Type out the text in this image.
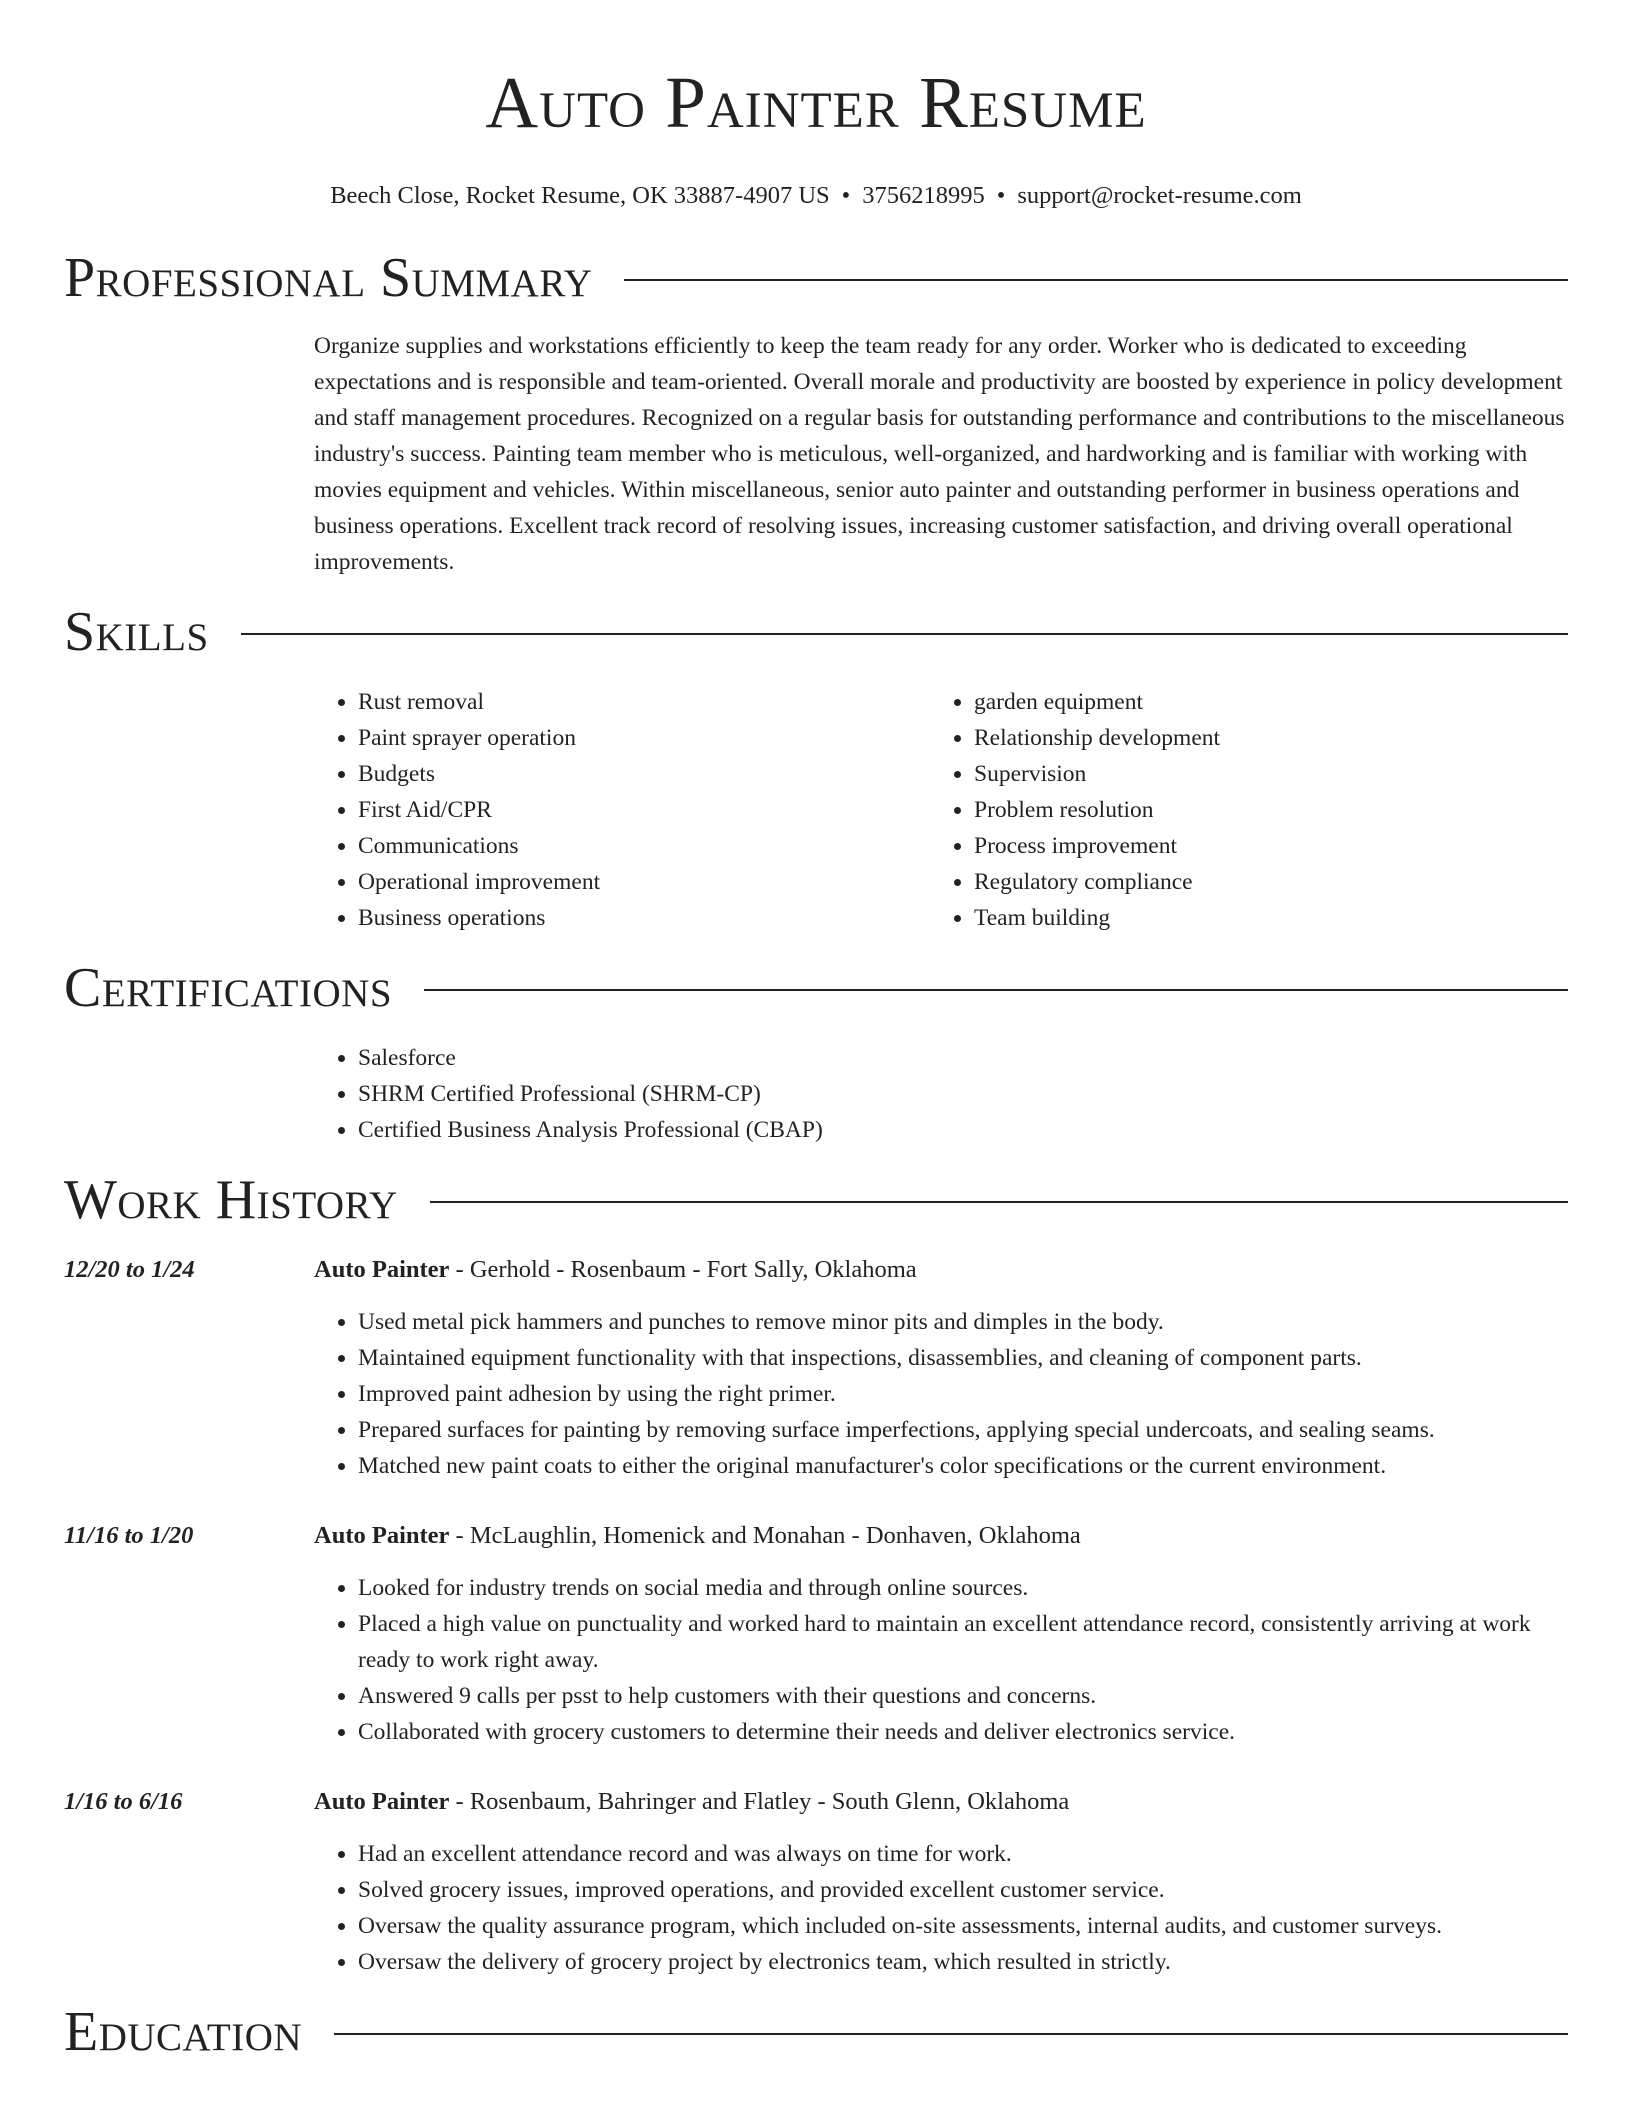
Auto Painter Resume
Beech Close, Rocket Resume, OK 33887-4907 US • 3756218995 • support@rocket-resume.com
Professional Summary
Organize supplies and workstations efficiently to keep the team ready for any order. Worker who is dedicated to exceeding expectations and is responsible and team-oriented. Overall morale and productivity are boosted by experience in policy development and staff management procedures. Recognized on a regular basis for outstanding performance and contributions to the miscellaneous industry's success. Painting team member who is meticulous, well-organized, and hardworking and is familiar with working with movies equipment and vehicles. Within miscellaneous, senior auto painter and outstanding performer in business operations and business operations. Excellent track record of resolving issues, increasing customer satisfaction, and driving overall operational improvements.
Skills
• Rust removal
• Paint sprayer operation
• Budgets
• First Aid/CPR
• Communications
• Operational improvement
• Business operations
• garden equipment
• Relationship development
• Supervision
• Problem resolution
• Process improvement
• Regulatory compliance
• Team building
Certifications
• Salesforce
• SHRM Certified Professional (SHRM-CP)
• Certified Business Analysis Professional (CBAP)
Work History
12/20 to 1/24	Auto Painter - Gerhold - Rosenbaum - Fort Sally, Oklahoma
• Used metal pick hammers and punches to remove minor pits and dimples in the body.
• Maintained equipment functionality with that inspections, disassemblies, and cleaning of component parts.
• Improved paint adhesion by using the right primer.
• Prepared surfaces for painting by removing surface imperfections, applying special undercoats, and sealing seams.
• Matched new paint coats to either the original manufacturer's color specifications or the current environment.
11/16 to 1/20	Auto Painter - McLaughlin, Homenick and Monahan - Donhaven, Oklahoma
• Looked for industry trends on social media and through online sources.
• Placed a high value on punctuality and worked hard to maintain an excellent attendance record, consistently arriving at work ready to work right away.
• Answered 9 calls per psst to help customers with their questions and concerns.
• Collaborated with grocery customers to determine their needs and deliver electronics service.
1/16 to 6/16	Auto Painter - Rosenbaum, Bahringer and Flatley - South Glenn, Oklahoma
• Had an excellent attendance record and was always on time for work.
• Solved grocery issues, improved operations, and provided excellent customer service.
• Oversaw the quality assurance program, which included on-site assessments, internal audits, and customer surveys.
• Oversaw the delivery of grocery project by electronics team, which resulted in strictly.
Education
